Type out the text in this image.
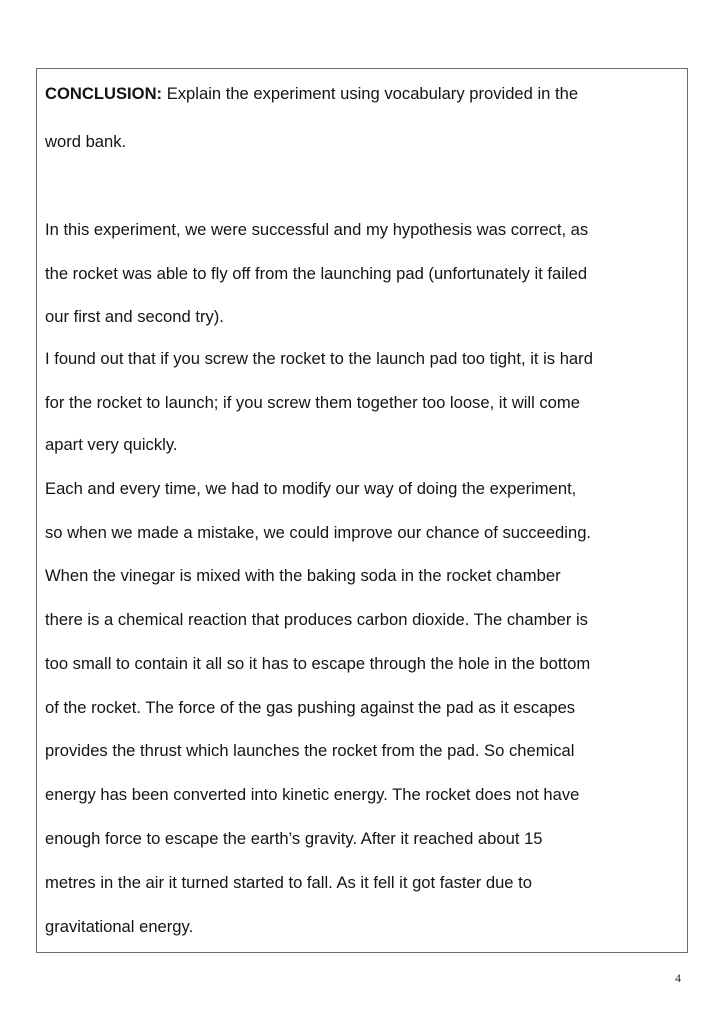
CONCLUSION: Explain the experiment using vocabulary provided in the
word bank.
In this experiment, we were successful and my hypothesis was correct, as
the rocket was able to fly off from the launching pad (unfortunately it failed
our first and second try).
I found out that if you screw the rocket to the launch pad too tight, it is hard
for the rocket to launch; if you screw them together too loose, it will come
apart very quickly.
Each and every time, we had to modify our way of doing the experiment,
so when we made a mistake, we could improve our chance of succeeding.
When the vinegar is mixed with the baking soda in the rocket chamber
there is a chemical reaction that produces carbon dioxide. The chamber is
too small to contain it all so it has to escape through the hole in the bottom
of the rocket. The force of the gas pushing against the pad as it escapes
provides the thrust which launches the rocket from the pad. So chemical
energy has been converted into kinetic energy. The rocket does not have
enough force to escape the earth’s gravity. After it reached about 15
metres in the air it turned started to fall. As it fell it got faster due to
gravitational energy.
4
